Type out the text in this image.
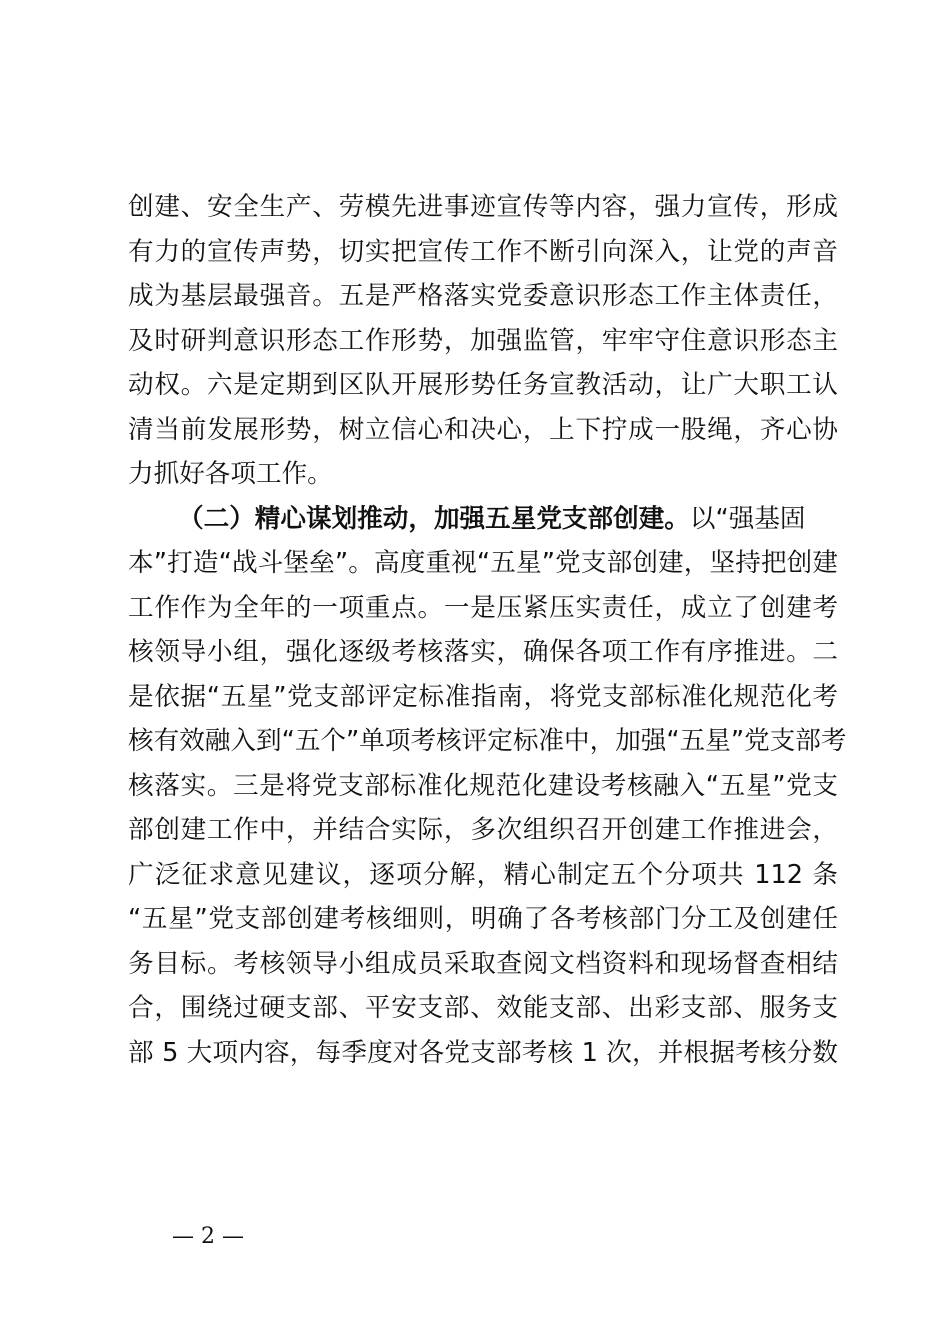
创建、安全生产、劳模先进事迹宣传等内容，强力宣传，形成
有力的宣传声势，切实把宣传工作不断引向深入，让党的声音
成为基层最强音。五是严格落实党委意识形态工作主体责任，
及时研判意识形态工作形势，加强监管，牢牢守住意识形态主
动权。六是定期到区队开展形势任务宣教活动，让广大职工认
清当前发展形势，树立信心和决心，上下拧成一股绳，齐心协
力抓好各项工作。
（二）精心谋划推动，加强五星党支部创建。以“强基固
本”打造“战斗堡垒”。高度重视“五星”党支部创建，坚持把创建
工作作为全年的一项重点。一是压紧压实责任，成立了创建考
核领导小组，强化逐级考核落实，确保各项工作有序推进。二
是依据“五星”党支部评定标准指南，将党支部标准化规范化考
核有效融入到“五个”单项考核评定标准中，加强“五星”党支部考
核落实。三是将党支部标准化规范化建设考核融入“五星”党支
部创建工作中，并结合实际，多次组织召开创建工作推进会，
广泛征求意见建议，逐项分解，精心制定五个分项共 112 条
“五星”党支部创建考核细则，明确了各考核部门分工及创建任
务目标。考核领导小组成员采取查阅文档资料和现场督查相结
合，围绕过硬支部、平安支部、效能支部、出彩支部、服务支
部 5 大项内容，每季度对各党支部考核 1 次，并根据考核分数
— 2 —
